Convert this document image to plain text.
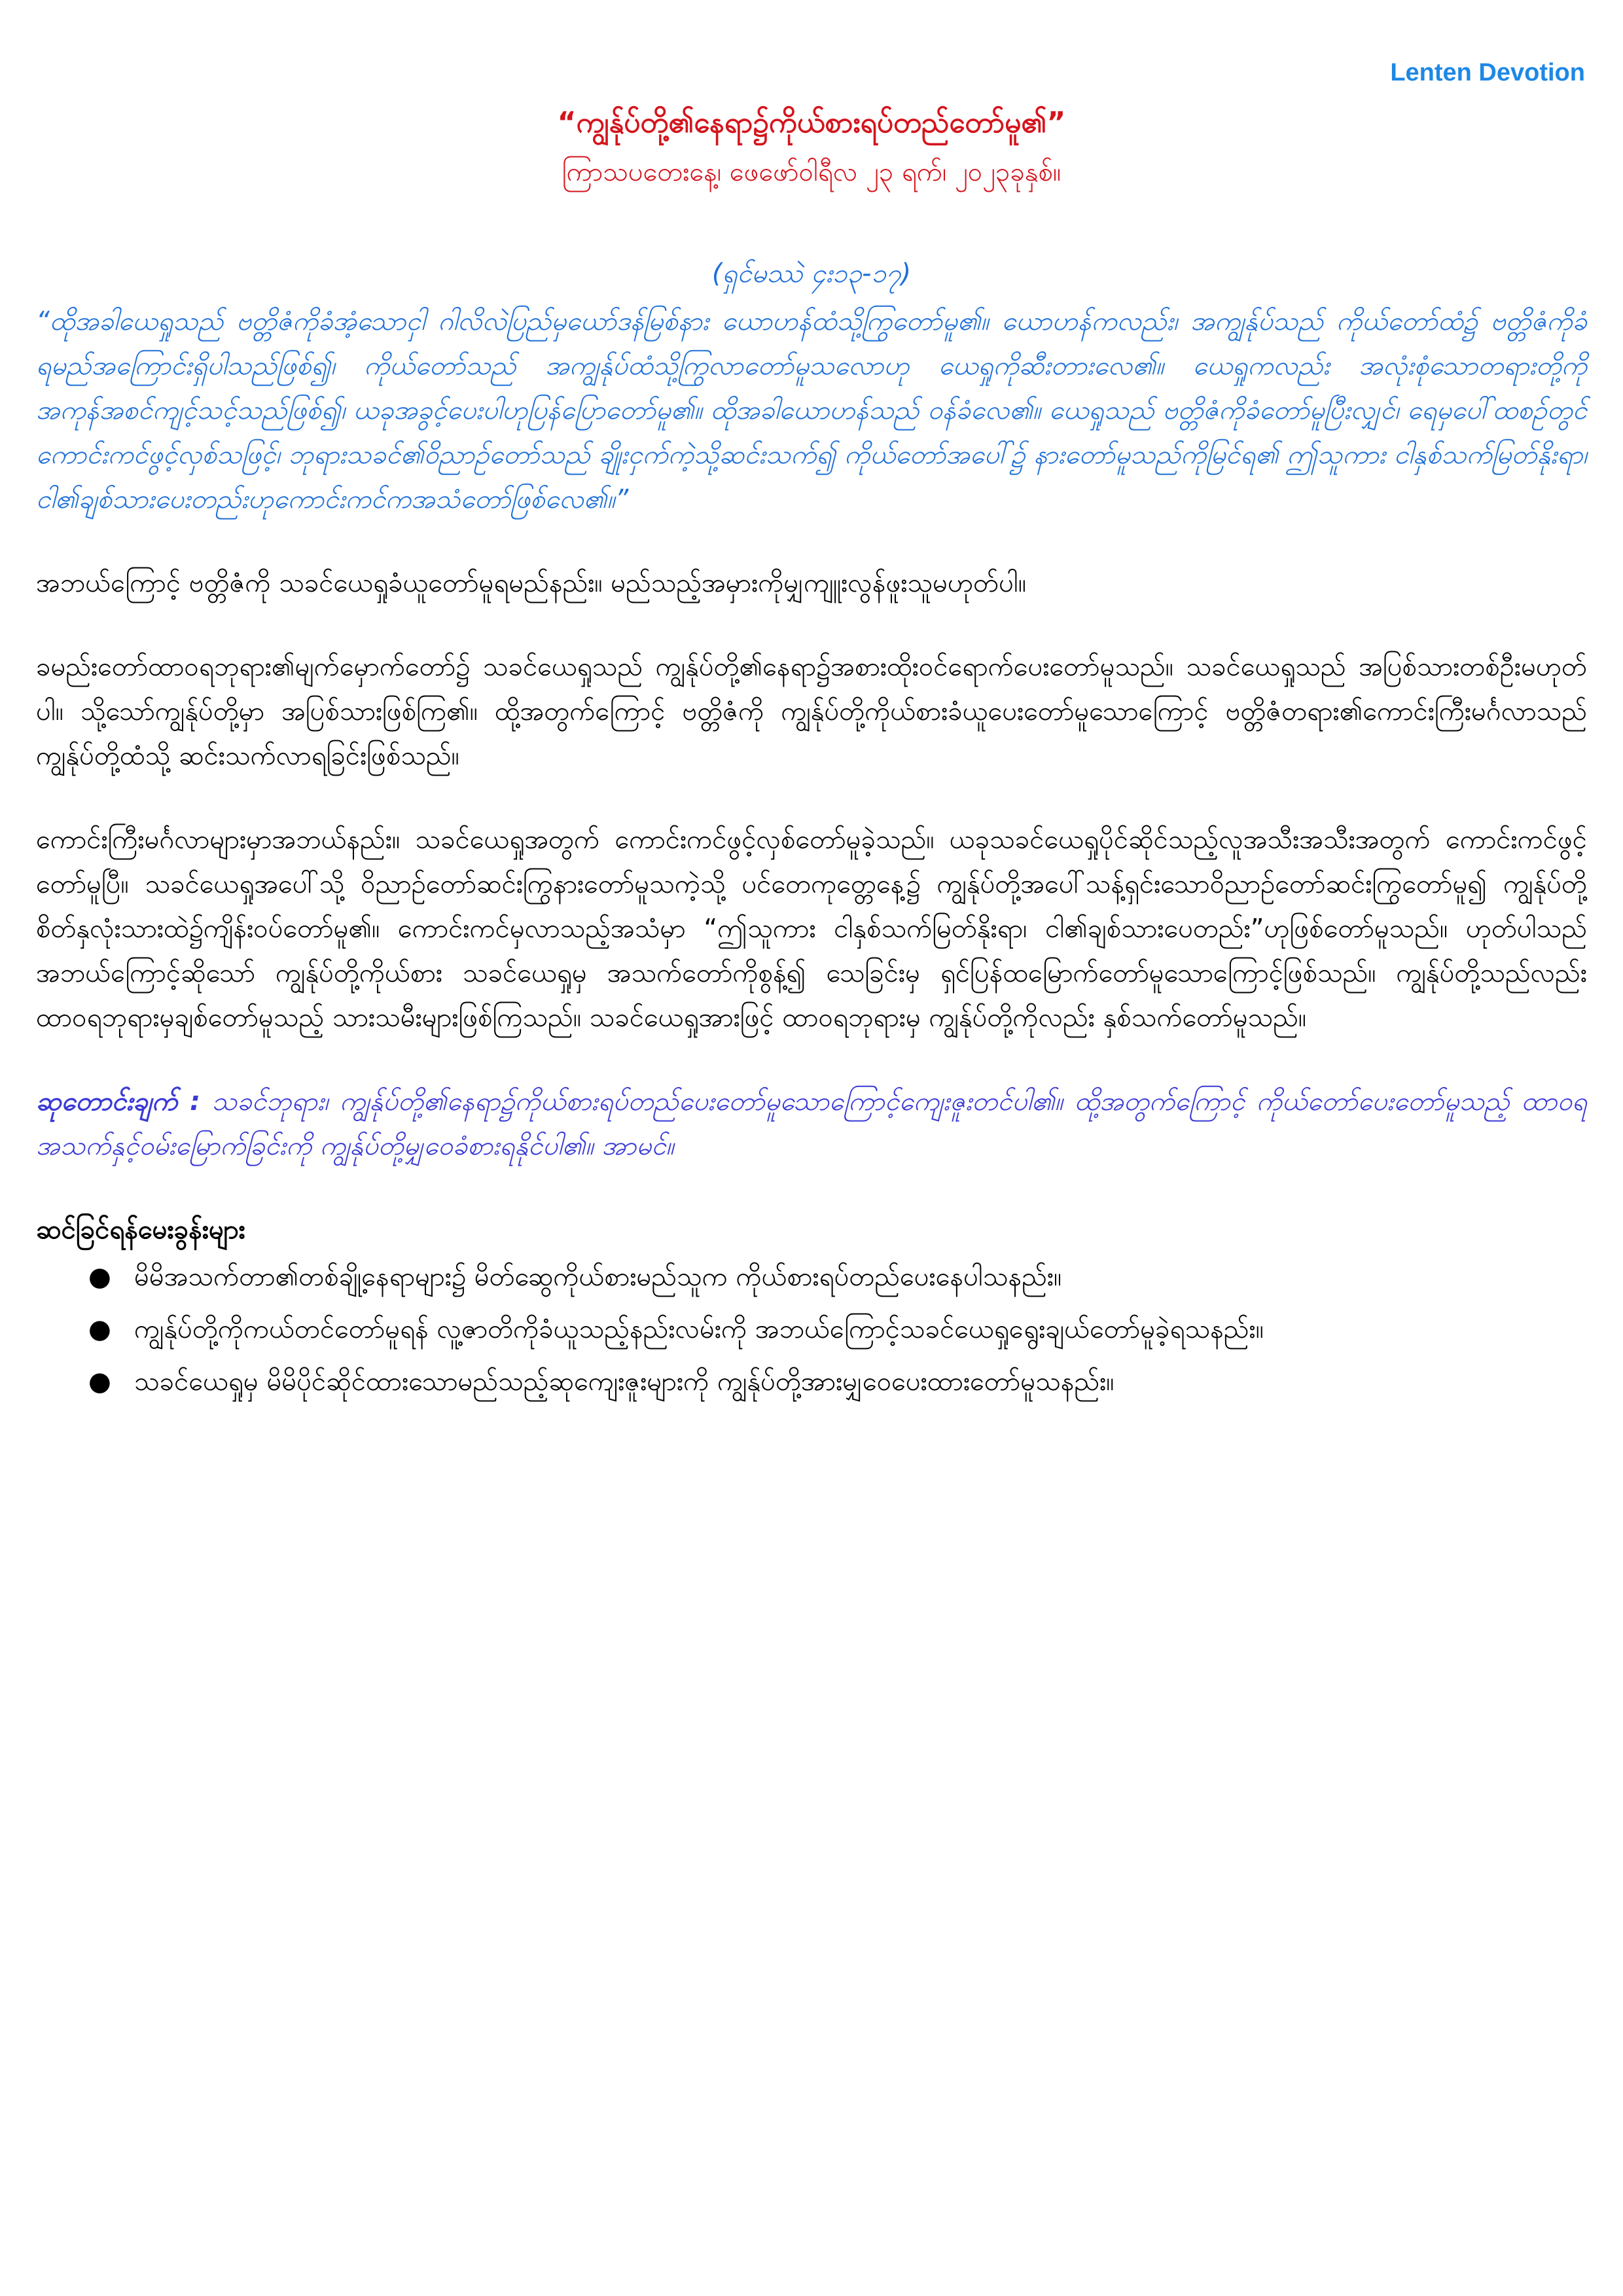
Lenten Devotion
“ကျွန်ုပ်တို့၏နေရာ၌ကိုယ်စားရပ်တည်တော်မူ၏”
ကြာသပတေးနေ့၊ ဖေဖော်ဝါရီလ ၂၃ ရက်၊ ၂၀၂၃ခုနှစ်။
(ရှင်မဿဲ ၄း၁၃-၁၇)

“ထိုအခါယေရှုသည် ဗတ္တိဇံကိုခံအံ့သောငှါ ဂါလိလဲပြည်မှယော်ဒန်မြစ်နား ယောဟန်ထံသို့ကြွတော်မူ၏။ ယောဟန်ကလည်း၊ အကျွန်ုပ်သည် ကိုယ်တော်ထံ၌ ဗတ္တိဇံကိုခံရမည်အကြောင်းရှိပါသည်ဖြစ်၍၊ ကိုယ်တော်သည် အကျွန်ုပ်ထံသို့ကြွလာတော်မူသလောဟု ယေရှုကိုဆီးတားလေ၏။ ယေရှုကလည်း အလုံးစုံသောတရားတို့ကိုအကုန်အစင်ကျင့်သင့်သည်ဖြစ်၍၊ ယခုအခွင့်ပေးပါဟုပြန်ပြောတော်မူ၏။ ထိုအခါယောဟန်သည် ဝန်ခံလေ၏။ ယေရှုသည် ဗတ္တိဇံကိုခံတော်မူပြီးလျှင်၊ ရေမှပေါ်ထစဉ်တွင် ကောင်းကင်ဖွင့်လှစ်သဖြင့်၊ ဘုရားသခင်၏ဝိညာဉ်တော်သည် ချိုးငှက်ကဲ့သို့ဆင်းသက်၍ ကိုယ်တော်အပေါ်၌ နားတော်မူသည်ကိုမြင်ရ၏ ဤသူကား ငါနှစ်သက်မြတ်နိုးရာ၊ ငါ၏ချစ်သားပေးတည်းဟုကောင်းကင်ကအသံတော်ဖြစ်လေ၏။”

အဘယ်ကြောင့် ဗတ္တိဇံကို သခင်ယေရှုခံယူတော်မူရမည်နည်း။ မည်သည့်အမှားကိုမျှကျူးလွန်ဖူးသူမဟုတ်ပါ။

ခမည်းတော်ထာဝရဘုရား၏မျက်မှောက်တော်၌ သခင်ယေရှုသည် ကျွန်ုပ်တို့၏နေရာ၌အစားထိုးဝင်ရောက်ပေးတော်မူသည်။ သခင်ယေရှုသည် အပြစ်သားတစ်ဦးမဟုတ်ပါ။ သို့သော်ကျွန်ုပ်တို့မှာ အပြစ်သားဖြစ်ကြ၏။ ထို့အတွက်ကြောင့် ဗတ္တိဇံကို ကျွန်ုပ်တို့ကိုယ်စားခံယူပေးတော်မူသောကြောင့် ဗတ္တိဇံတရား၏ကောင်းကြီးမင်္ဂလာသည် ကျွန်ုပ်တို့ထံသို့ ဆင်းသက်လာရခြင်းဖြစ်သည်။

ကောင်းကြီးမင်္ဂလာများမှာအဘယ်နည်း။ သခင်ယေရှုအတွက် ကောင်းကင်ဖွင့်လှစ်တော်မူခဲ့သည်။ ယခုသခင်ယေရှုပိုင်ဆိုင်သည့်လူအသီးအသီးအတွက် ကောင်းကင်ဖွင့်တော်မူပြီ။ သခင်ယေရှုအပေါ်သို့ ဝိညာဉ်တော်ဆင်းကြွနားတော်မူသကဲ့သို့ ပင်တေကုတ္တေနေ့၌ ကျွန်ုပ်တို့အပေါ်သန့်ရှင်းသောဝိညာဉ်တော်ဆင်းကြွတော်မူ၍ ကျွန်ုပ်တို့စိတ်နှလုံးသားထဲ၌ကျိန်းဝပ်တော်မူ၏။ ကောင်းကင်မှလာသည့်အသံမှာ “ဤသူကား ငါနှစ်သက်မြတ်နိုးရာ၊ ငါ၏ချစ်သားပေတည်း”ဟုဖြစ်တော်မူသည်။ ဟုတ်ပါသည် အဘယ်ကြောင့်ဆိုသော် ကျွန်ုပ်တို့ကိုယ်စား သခင်ယေရှုမှ အသက်တော်ကိုစွန့်၍ သေခြင်းမှ ရှင်ပြန်ထမြောက်တော်မူသောကြောင့်ဖြစ်သည်။ ကျွန်ုပ်တို့သည်လည်း ထာဝရဘုရားမှချစ်တော်မူသည့် သားသမီးများဖြစ်ကြသည်။ သခင်ယေရှုအားဖြင့် ထာဝရဘုရားမှ ကျွန်ုပ်တို့ကိုလည်း နှစ်သက်တော်မူသည်။

ဆုတောင်းချက် : သခင်ဘုရား၊ ကျွန်ုပ်တို့၏နေရာ၌ကိုယ်စားရပ်တည်ပေးတော်မူသောကြောင့်ကျေးဇူးတင်ပါ၏။ ထို့အတွက်ကြောင့် ကိုယ်တော်ပေးတော်မူသည့် ထာဝရအသက်နှင့်ဝမ်းမြောက်ခြင်းကို ကျွန်ုပ်တို့မျှဝေခံစားရနိုင်ပါ၏။ အာမင်။

ဆင်ခြင်ရန်မေးခွန်းများ
● မိမိအသက်တာ၏တစ်ချို့နေရာများ၌ မိတ်ဆွေကိုယ်စားမည်သူက ကိုယ်စားရပ်တည်ပေးနေပါသနည်း။
● ကျွန်ုပ်တို့ကိုကယ်တင်တော်မူရန် လူ့ဇာတိကိုခံယူသည့်နည်းလမ်းကို အဘယ်ကြောင့်သခင်ယေရှုရွေးချယ်တော်မူခဲ့ရသနည်း။
● သခင်ယေရှုမှ မိမိပိုင်ဆိုင်ထားသောမည်သည့်ဆုကျေးဇူးများကို ကျွန်ုပ်တို့အားမျှဝေပေးထားတော်မူသနည်း။
